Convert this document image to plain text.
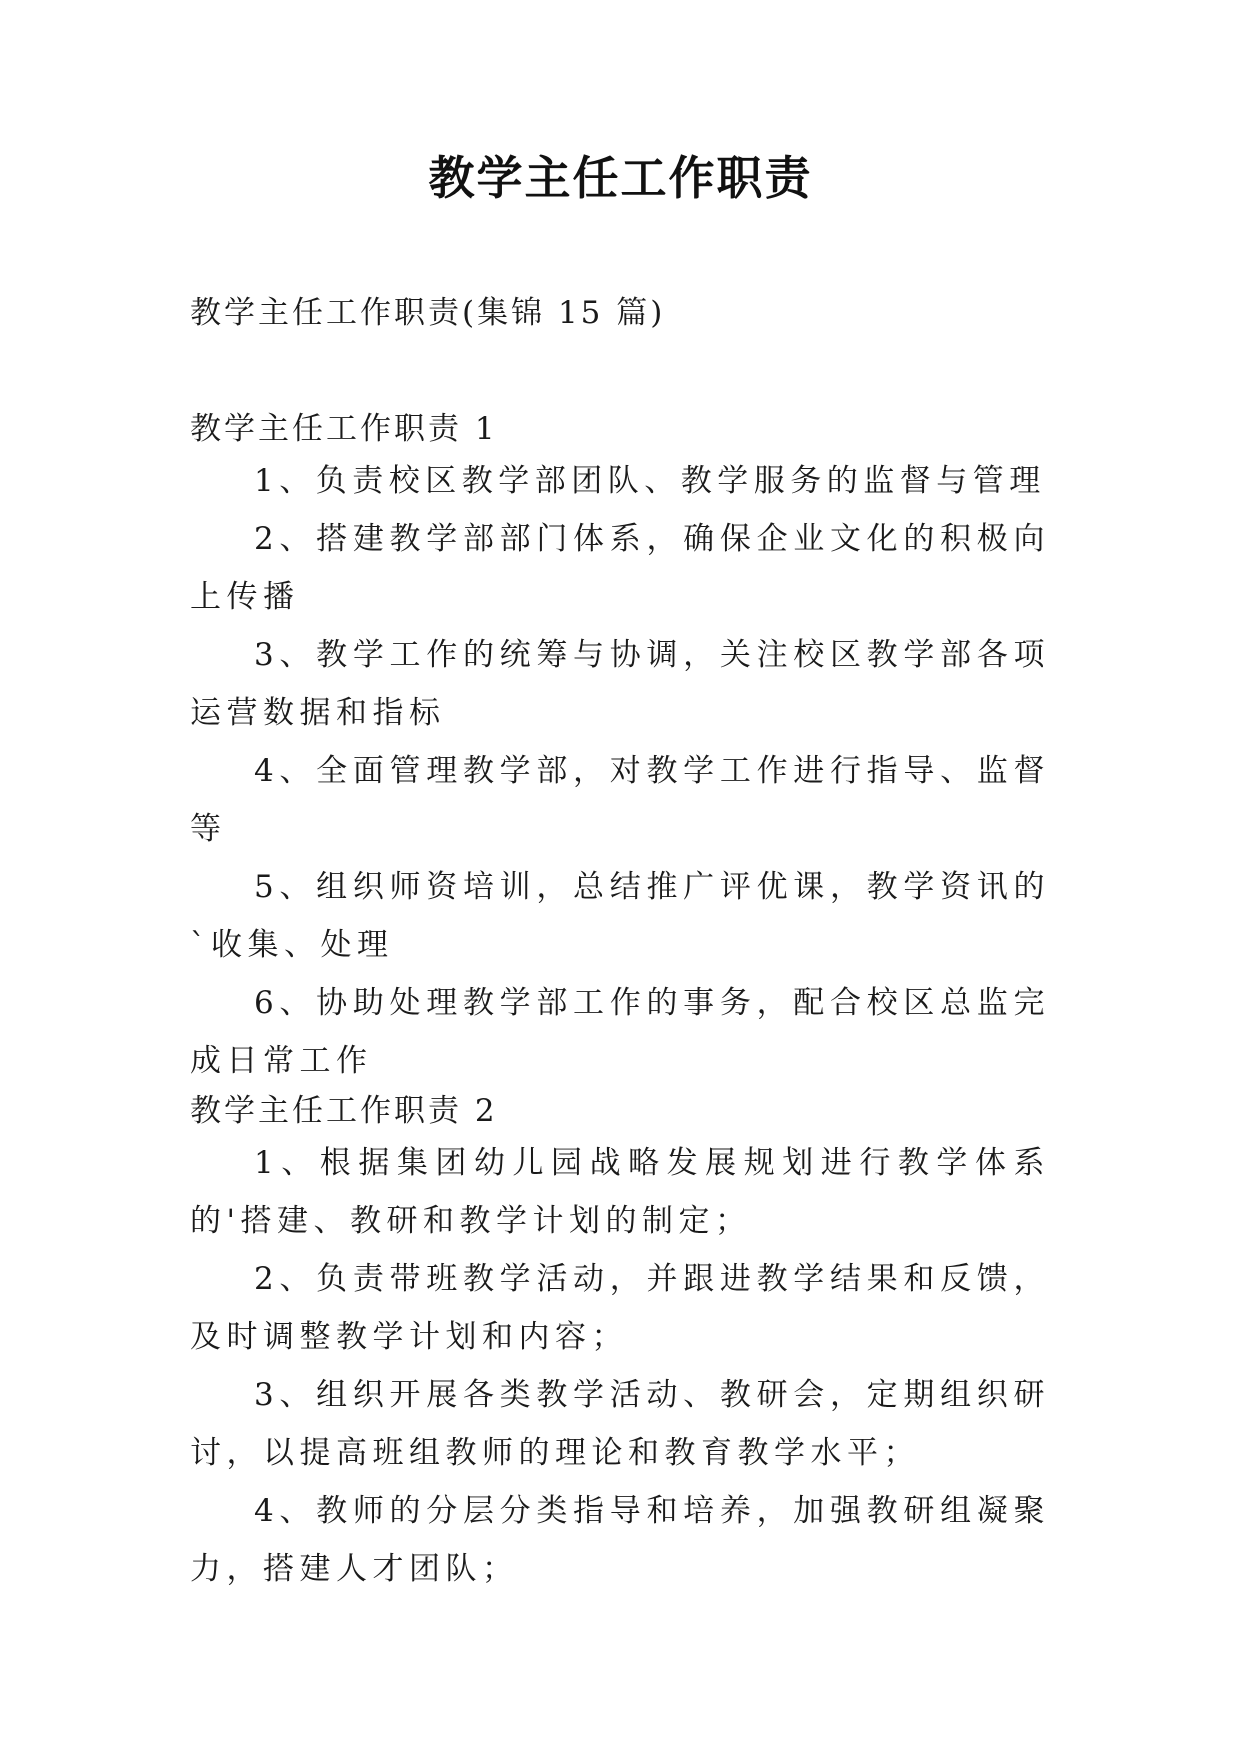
教学主任工作职责

教学主任工作职责(集锦 15 篇)

教学主任工作职责 1

1、负责校区教学部团队、教学服务的监督与管理

2、搭建教学部部门体系，确保企业文化的积极向上传播

3、教学工作的统筹与协调，关注校区教学部各项运营数据和指标

4、全面管理教学部，对教学工作进行指导、监督等

5、组织师资培训，总结推广评优课，教学资讯的`收集、处理

6、协助处理教学部工作的事务，配合校区总监完成日常工作

教学主任工作职责 2

1、根据集团幼儿园战略发展规划进行教学体系的'搭建、教研和教学计划的制定；

2、负责带班教学活动，并跟进教学结果和反馈，及时调整教学计划和内容；

3、组织开展各类教学活动、教研会，定期组织研讨，以提高班组教师的理论和教育教学水平；

4、教师的分层分类指导和培养，加强教研组凝聚力，搭建人才团队；
